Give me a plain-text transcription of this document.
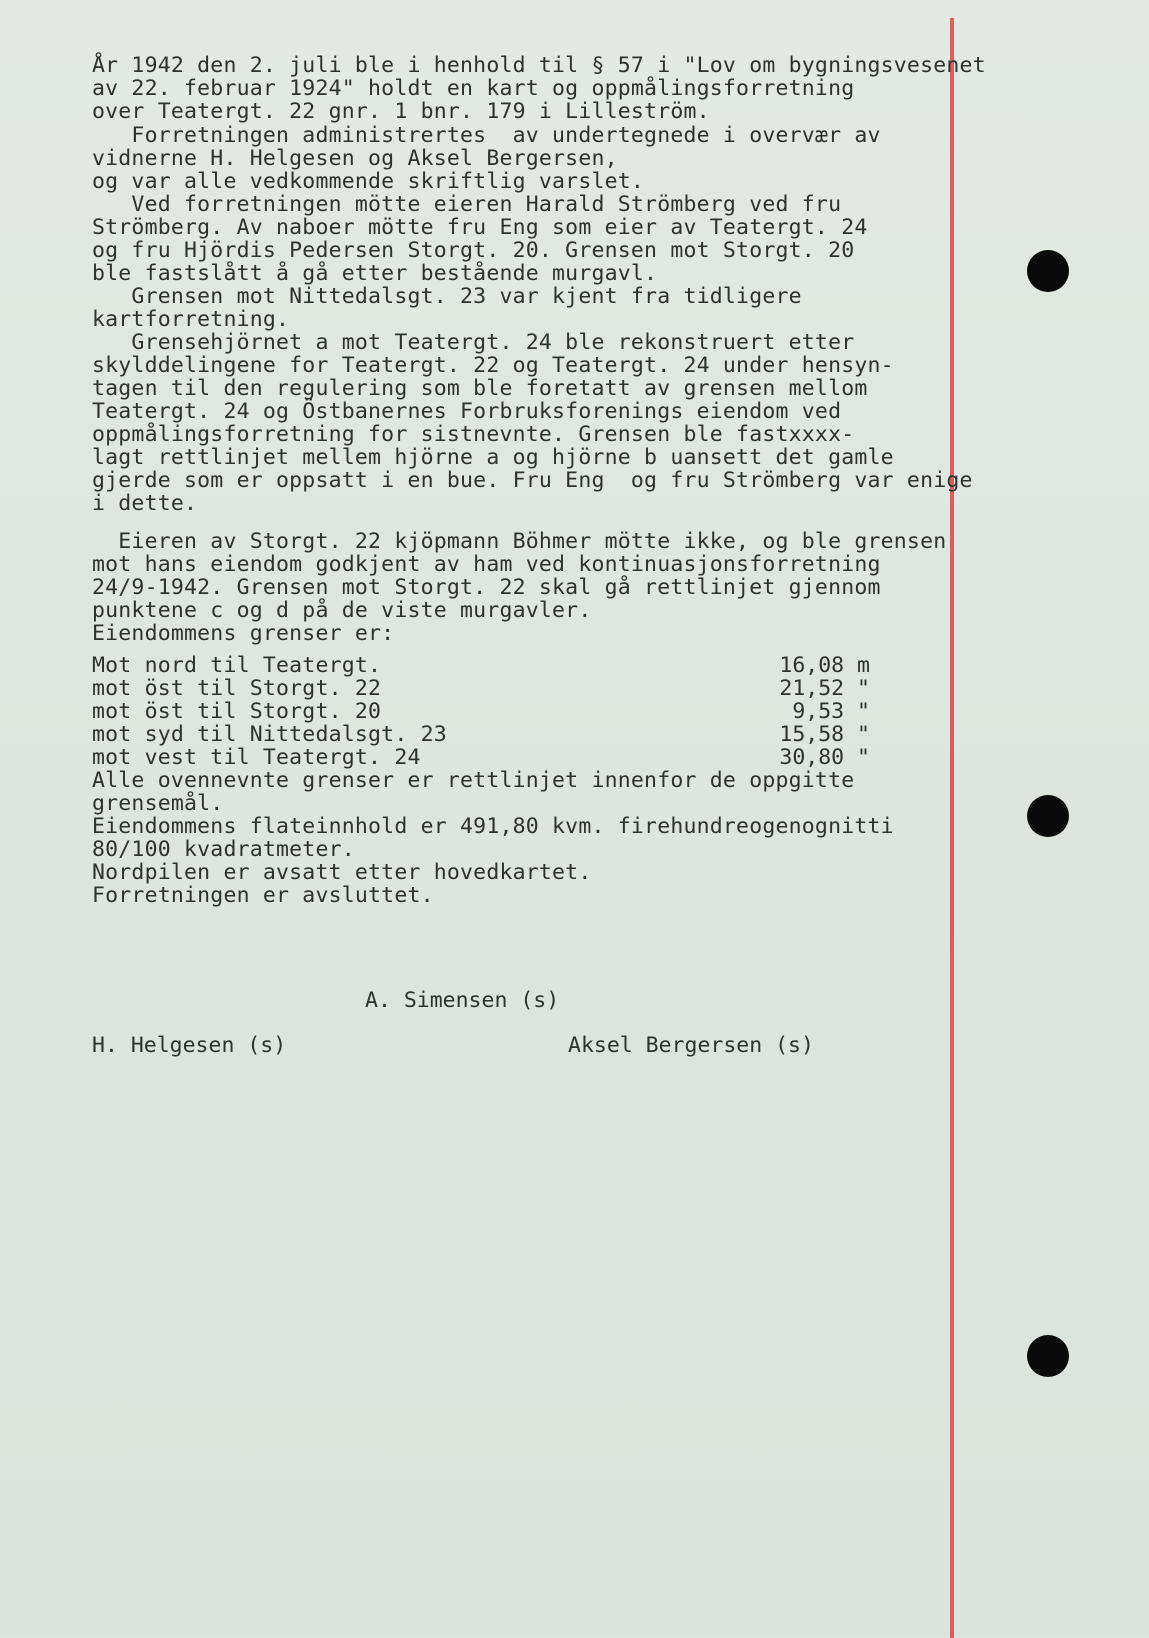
År 1942 den 2. juli ble i henhold til § 57 i "Lov om bygningsvesenet
av 22. februar 1924" holdt en kart og oppmålingsforretning
over Teatergt. 22 gnr. 1 bnr. 179 i Lilleström.
Forretningen administrertes  av undertegnede i overvær av
vidnerne H. Helgesen og Aksel Bergersen,
og var alle vedkommende skriftlig varslet.
Ved forretningen mötte eieren Harald Strömberg ved fru
Strömberg. Av naboer mötte fru Eng som eier av Teatergt. 24
og fru Hjördis Pedersen Storgt. 20. Grensen mot Storgt. 20
ble fastslått å gå etter bestående murgavl.
Grensen mot Nittedalsgt. 23 var kjent fra tidligere
kartforretning.
Grensehjörnet a mot Teatergt. 24 ble rekonstruert etter
skylddelingene for Teatergt. 22 og Teatergt. 24 under hensyn-
tagen til den regulering som ble foretatt av grensen mellom
Teatergt. 24 og Östbanernes Forbruksforenings eiendom ved
oppmålingsforretning for sistnevnte. Grensen ble fastxxxx-
lagt rettlinjet mellem hjörne a og hjörne b uansett det gamle
gjerde som er oppsatt i en bue. Fru Eng  og fru Strömberg var enige
i dette.
Eieren av Storgt. 22 kjöpmann Böhmer mötte ikke, og ble grensen
mot hans eiendom godkjent av ham ved kontinuasjonsforretning
24/9-1942. Grensen mot Storgt. 22 skal gå rettlinjet gjennom
punktene c og d på de viste murgavler.
Eiendommens grenser er:
Mot nord til Teatergt.	16,08 m
mot öst til Storgt. 22	21,52 "
mot öst til Storgt. 20	9,53 "
mot syd til Nittedalsgt. 23	15,58 "
mot vest til Teatergt. 24	30,80 "
Alle ovennevnte grenser er rettlinjet innenfor de oppgitte
grensemål.
Eiendommens flateinnhold er 491,80 kvm. firehundreogenognitti
80/100 kvadratmeter.
Nordpilen er avsatt etter hovedkartet.
Forretningen er avsluttet.
A. Simensen (s)
H. Helgesen (s)	Aksel Bergersen (s)
